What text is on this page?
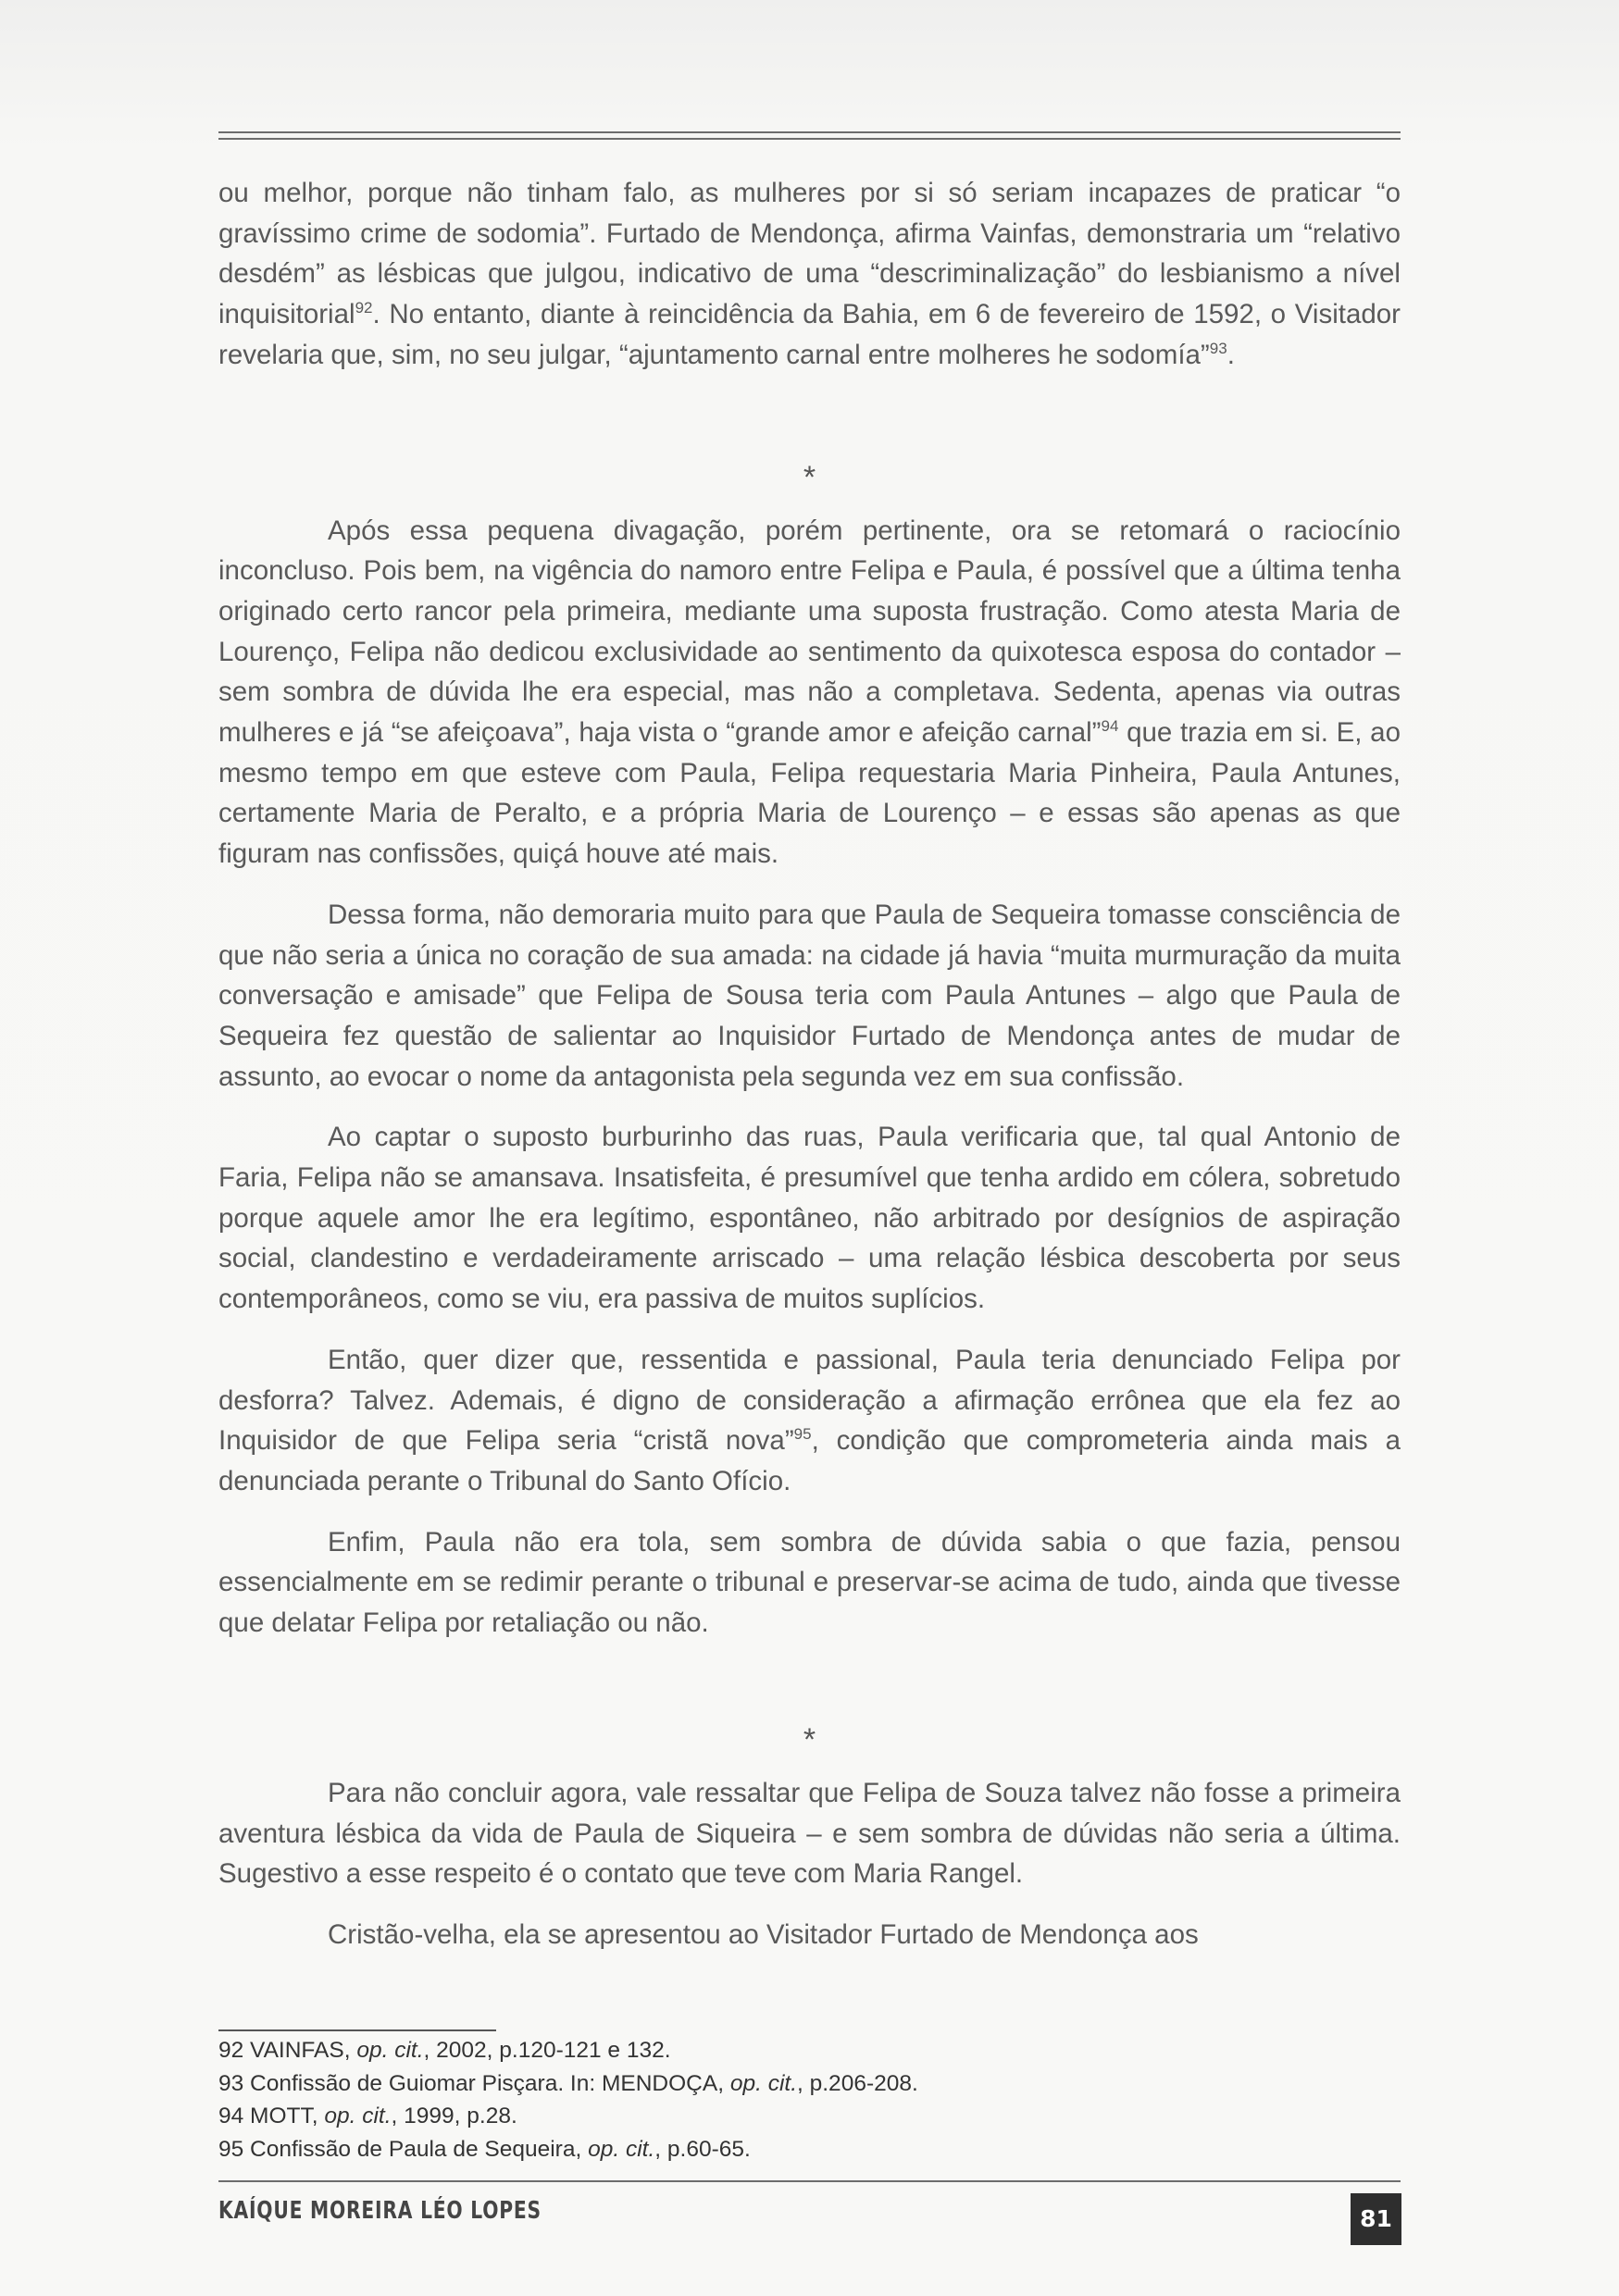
ou melhor, porque não tinham falo, as mulheres por si só seriam incapazes de praticar “o gravíssimo crime de sodomia”. Furtado de Mendonça, afirma Vainfas, demonstraria um “relativo desdém” as lésbicas que julgou, indicativo de uma “descriminalização” do lesbianismo a nível inquisitorial$^{92}$. No entanto, diante à reincidência da Bahia, em 6 de fevereiro de 1592, o Visitador revelaria que, sim, no seu julgar, “ajuntamento carnal entre molheres he sodomía”$^{93}$.

*

Após essa pequena divagação, porém pertinente, ora se retomará o raciocínio inconcluso. Pois bem, na vigência do namoro entre Felipa e Paula, é possível que a última tenha originado certo rancor pela primeira, mediante uma suposta frustração. Como atesta Maria de Lourenço, Felipa não dedicou exclusividade ao sentimento da quixotesca esposa do contador – sem sombra de dúvida lhe era especial, mas não a completava. Sedenta, apenas via outras mulheres e já “se afeiçoava”, haja vista o “grande amor e afeição carnal”$^{94}$ que trazia em si. E, ao mesmo tempo em que esteve com Paula, Felipa requestaria Maria Pinheira, Paula Antunes, certamente Maria de Peraltо, e a própria Maria de Lourenço – e essas são apenas as que figuram nas confissões, quiçá houve até mais.

Dessa forma, não demoraria muito para que Paula de Sequeira tomasse consciência de que não seria a única no coração de sua amada: na cidade já havia “muita murmuração da muita conversação e amisade” que Felipa de Sousa teria com Paula Antunes – algo que Paula de Sequeira fez questão de salientar ao Inquisidor Furtado de Mendonça antes de mudar de assunto, ao evocar o nome da antagonista pela segunda vez em sua confissão.

Ao captar o suposto burburinho das ruas, Paula verificaria que, tal qual Antonio de Faria, Felipa não se amansava. Insatisfeita, é presumível que tenha ardido em cólera, sobretudo porque aquele amor lhe era legítimo, espontâneo, não arbitrado por desígnios de aspiração social, clandestino e verdadeiramente arriscado – uma relação lésbica descoberta por seus contemporâneos, como se viu, era passiva de muitos suplícios.

Então, quer dizer que, ressentida e passional, Paula teria denunciado Felipa por desforra? Talvez. Ademais, é digno de consideração a afirmação errônea que ela fez ao Inquisidor de que Felipa seria “cristã nova”$^{95}$, condição que comprometeria ainda mais a denunciada perante o Tribunal do Santo Ofício.

Enfim, Paula não era tola, sem sombra de dúvida sabia o que fazia, pensou essencialmente em se redimir perante o tribunal e preservar-se acima de tudo, ainda que tivesse que delatar Felipa por retaliação ou não.

*

Para não concluir agora, vale ressaltar que Felipa de Souza talvez não fosse a primeira aventura lésbica da vida de Paula de Siqueira – e sem sombra de dúvidas não seria a última. Sugestivo a esse respeito é o contato que teve com Maria Rangel.

Cristão-velha, ela se apresentou ao Visitador Furtado de Mendonça aos

92 VAINFAS, op. cit., 2002, p.120-121 e 132.
93 Confissão de Guiomar Pisçara. In: MENDOÇA, op. cit., p.206-208.
94 MOTT, op. cit., 1999, p.28.
95 Confissão de Paula de Sequeira, op. cit., p.60-65.
KAÍQUE MOREIRA LÉO LOPES	81
